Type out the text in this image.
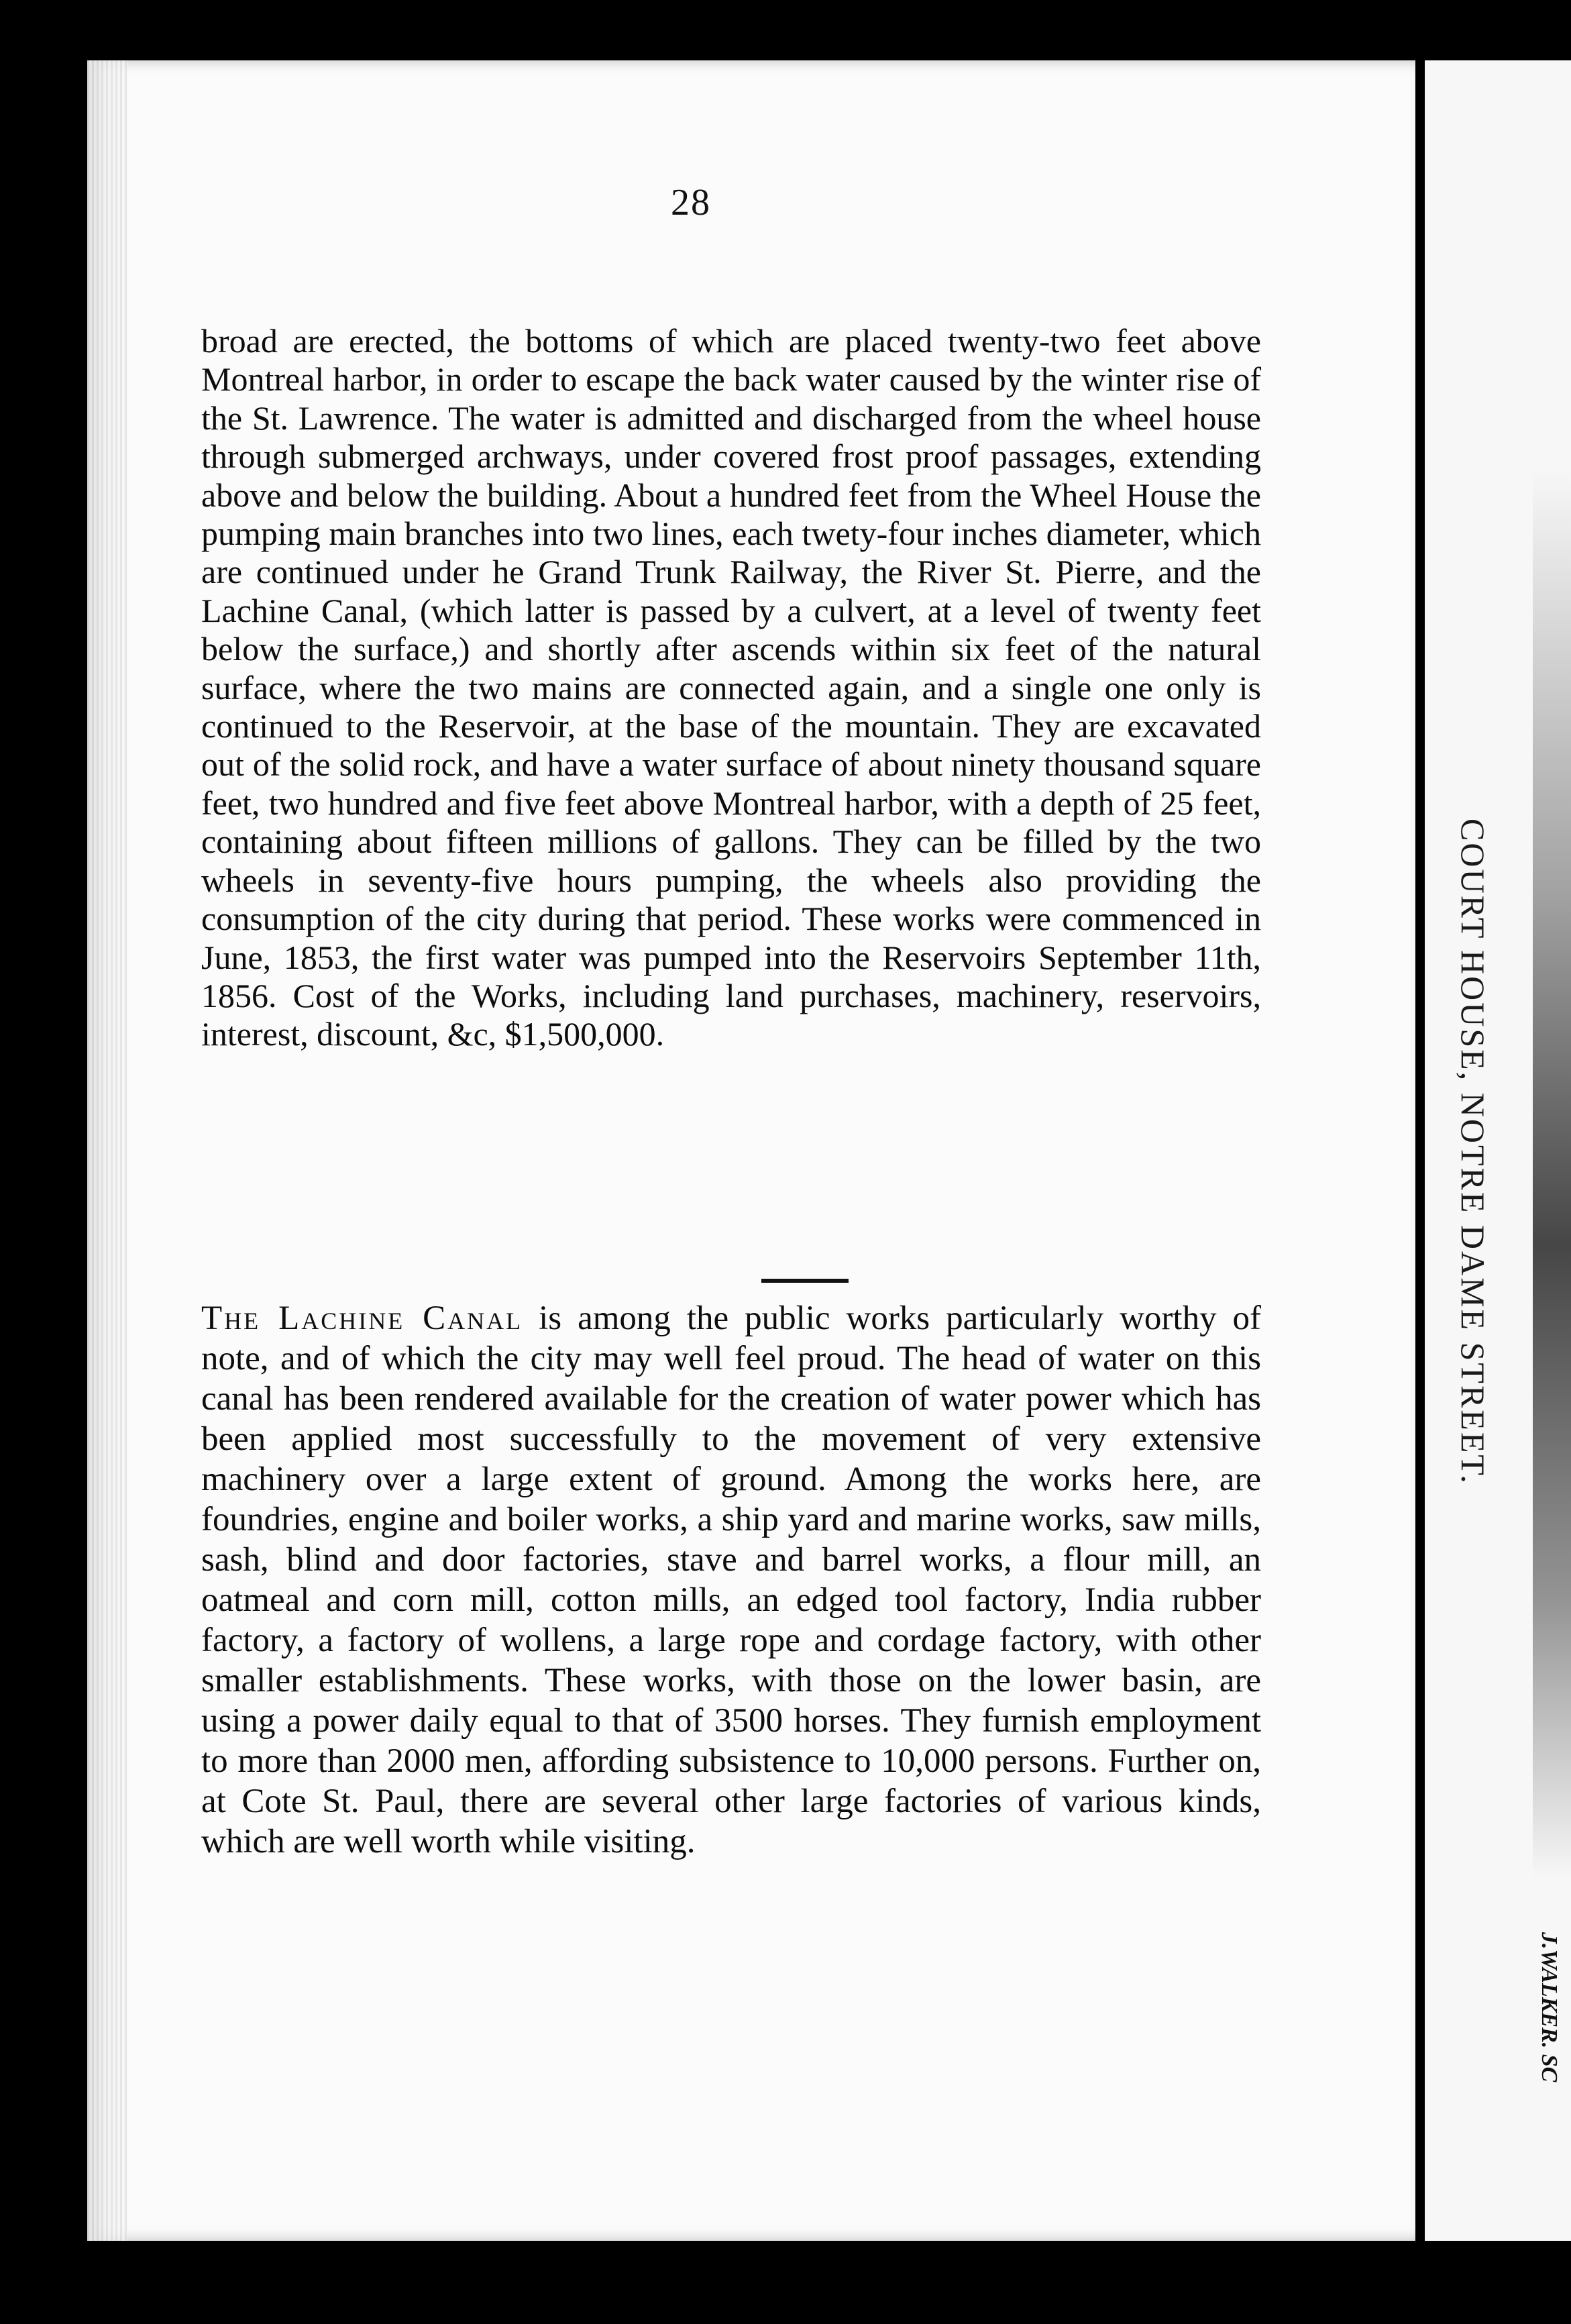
28

broad are erected, the bottoms of which are placed twenty-two feet above Montreal harbor, in order to escape the back water caused by the winter rise of the St. Lawrence. The water is admitted and discharged from the wheel house through submerged archways, under covered frost proof passages, extending above and below the building. About a hundred feet from the Wheel House the pumping main branches into two lines, each twety-four inches diameter, which are continued under he Grand Trunk Railway, the River St. Pierre, and the Lachine Canal, (which latter is passed by a culvert, at a level of twenty feet below the surface,) and shortly after ascends within six feet of the natural surface, where the two mains are connected again, and a single one only is continued to the Reservoir, at the base of the mountain. They are excavated out of the solid rock, and have a water surface of about ninety thousand square feet, two hundred and five feet above Montreal harbor, with a depth of 25 feet, containing about fifteen millions of gallons. They can be filled by the two wheels in seventy-five hours pumping, the wheels also providing the consumption of the city during that period. These works were commenced in June, 1853, the first water was pumped into the Reservoirs September 11th, 1856. Cost of the Works, including land purchases, machinery, reservoirs, interest, discount, &c, $1,500,000.

The Lachine Canal is among the public works particularly worthy of note, and of which the city may well feel proud. The head of water on this canal has been rendered available for the creation of water power which has been applied most successfully to the movement of very extensive machinery over a large extent of ground. Among the works here, are foundries, engine and boiler works, a ship yard and marine works, saw mills, sash, blind and door factories, stave and barrel works, a flour mill, an oatmeal and corn mill, cotton mills, an edged tool factory, India rubber factory, a factory of wollens, a large rope and cordage factory, with other smaller establishments. These works, with those on the lower basin, are using a power daily equal to that of 3500 horses. They furnish employment to more than 2000 men, affording subsistence to 10,000 persons. Further on, at Cote St. Paul, there are several other large factories of various kinds, which are well worth while visiting.

COURT HOUSE, NOTRE DAME STREET.
J.WALKER. SC
